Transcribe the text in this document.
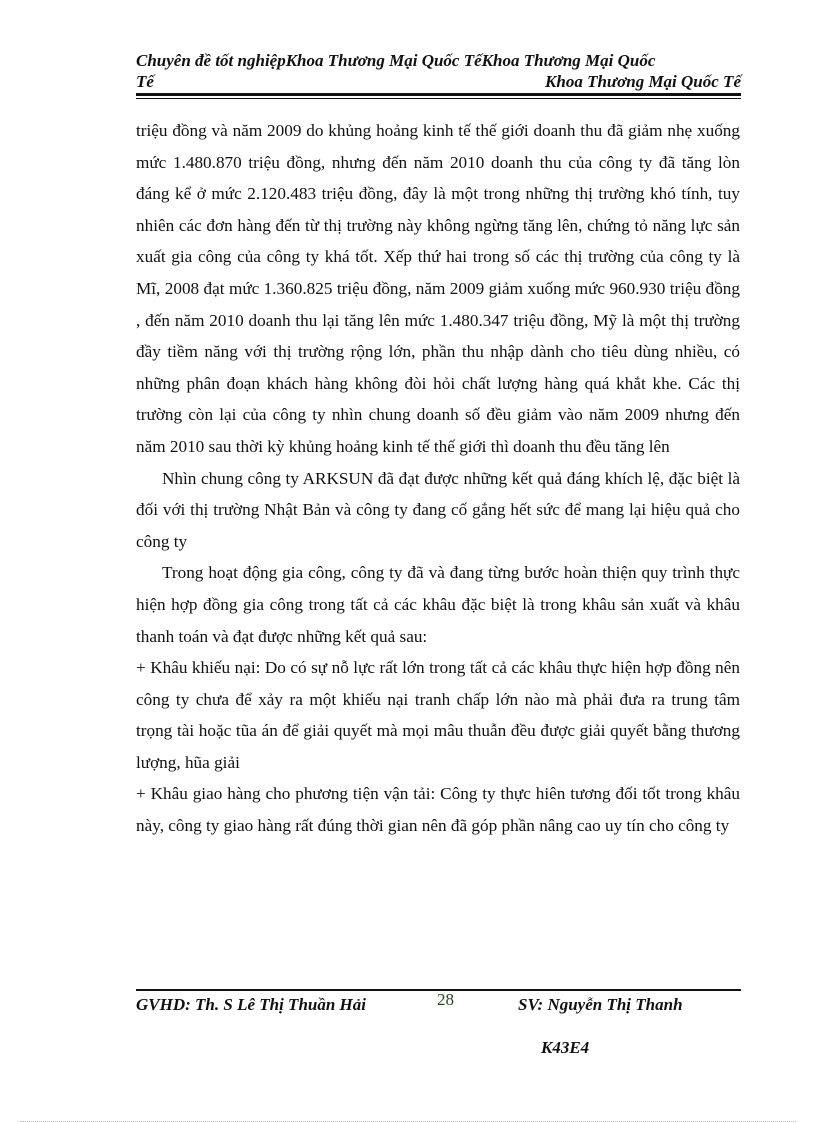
Chuyên đề tốt nghiệpKhoa Thương Mại Quốc TếKhoa Thương Mại Quốc
Tế	Khoa Thương Mại Quốc Tế

triệu đồng và năm 2009 do khủng hoảng kinh tế thế giới doanh thu đã giảm nhẹ xuống mức 1.480.870 triệu đồng, nhưng đến năm 2010 doanh thu của công ty đã tăng lòn đáng kể ở mức 2.120.483 triệu đồng, đây là một trong những thị trường khó tính, tuy nhiên các đơn hàng đến từ thị trường này không ngừng tăng lên, chứng tỏ năng lực sản xuất gia công của công ty khá tốt. Xếp thứ hai trong số các thị trường của công ty là Mĩ, 2008 đạt mức 1.360.825 triệu đồng, năm 2009 giảm xuống mức 960.930 triệu đồng , đến năm 2010 doanh thu lại tăng lên mức 1.480.347 triệu đồng, Mỹ là một thị trường đầy tiềm năng với thị trường rộng lớn, phần thu nhập dành cho tiêu dùng nhiều, có những phân đoạn khách hàng không đòi hỏi chất lượng hàng quá khắt khe. Các thị trường còn lại của công ty nhìn chung doanh số đều giảm vào năm 2009 nhưng đến năm 2010 sau thời kỳ khủng hoảng kinh tế thế giới thì doanh thu đều tăng lên

Nhìn chung công ty ARKSUN đã đạt được những kết quả đáng khích lệ, đặc biệt là đối với thị trường Nhật Bản và công ty đang cố gắng hết sức để mang lại hiệu quả cho công ty

Trong hoạt động gia công, công ty đã và đang từng bước hoàn thiện quy trình thực hiện hợp đồng gia công trong tất cả các khâu đặc biệt là trong khâu sản xuất và khâu thanh toán và đạt được những kết quả sau:

+ Khâu khiếu nại: Do có sự nỗ lực rất lớn trong tất cả các khâu thực hiện hợp đồng nên công ty chưa để xảy ra một khiếu nại tranh chấp lớn nào mà phải đưa ra trung tâm trọng tài hoặc tũa án để giải quyết mà mọi mâu thuẫn đều được giải quyết bằng thương lượng, hũa giải

+ Khâu giao hàng cho phương tiện vận tải: Công ty thực hiên tương đối tốt trong khâu này, công ty giao hàng rất đúng thời gian nên đã góp phần nâng cao uy tín cho công ty

GVHD: Th. S Lê Thị Thuần Hải	28	SV: Nguyễn Thị Thanh
K43E4
